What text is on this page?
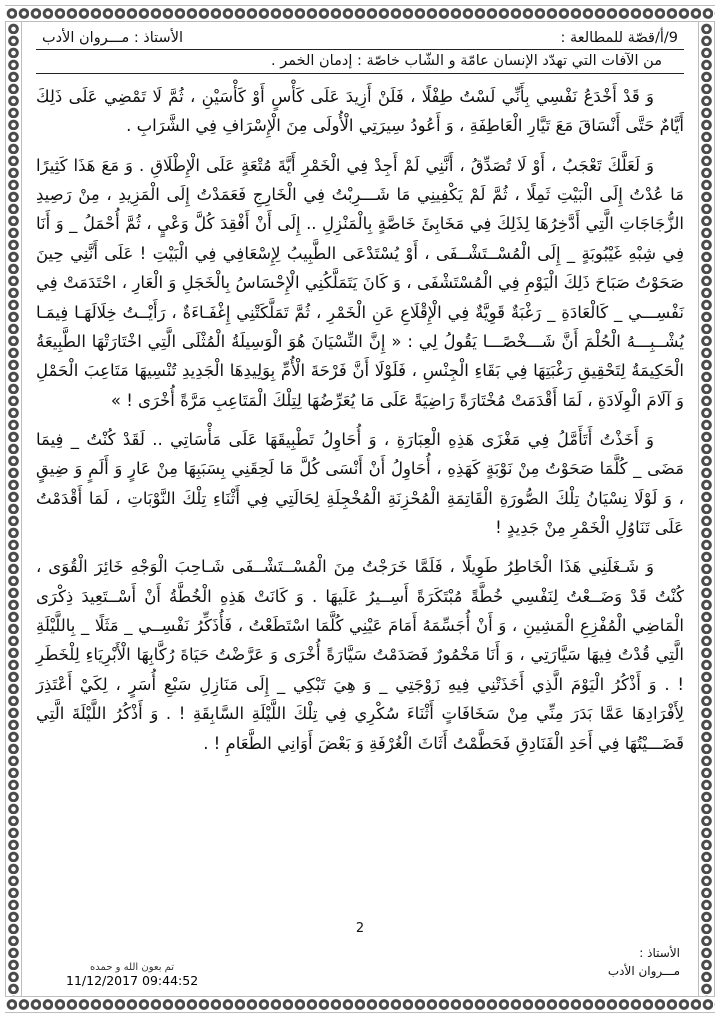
9/أ/قصّة للمطالعة :
الأستاذ : مـــروان الأدب
من الآفات التي تهدّد الإنسان عامّة و الشّاب خاصّة : إدمان الخمر .

وَ قَدْ أَخْدَعُ نَفْسِي بِأَنِّي لَسْتُ طِفْلًا ، فَلَنْ أَزِيدَ عَلَى كَأْسٍ أَوْ كَأْسَيْنِ ، ثُمَّ لَا تَمْضِي عَلَى ذَلِكَ أَيَّامٌ حَتَّى أَنْسَاقَ مَعَ تَيَّارِ الْعَاطِفَةِ ، وَ أَعُودُ سِيرَتِي الْأُولَى مِنَ الْإِسْرَافِ فِي الشَّرَابِ .

وَ لَعَلَّكَ تَعْجَبُ ، أَوْ لَا تُصَدِّقُ ، أَنَّنِي لَمْ أَجِدْ فِي الْخَمْرِ أَيَّةَ مُتْعَةٍ عَلَى الْإِطْلَاقِ . وَ مَعَ هَذَا كَثِيرًا مَا عُدْتُ إِلَى الْبَيْتِ ثَمِلًا ، ثُمَّ لَمْ يَكْفِينِي مَا شَـــرِبْتُ فِي الْخَارِجِ فَعَمَدْتُ إِلَى الْمَزِيدِ ، مِنْ رَصِيدِ الزُّجَاجَاتِ الَّتِي أَدَّخِرُهَا لِذَلِكَ فِي مَخَابِئَ خَاصَّةٍ بِالْمَنْزِلِ .. إِلَى أَنْ أَفْقِدَ كُلَّ وَعْيٍ ، ثُمَّ أُحْمَلُ _ وَ أَنَا فِي شِبْهِ غَيْبُوبَةٍ _ إِلَى الْمُسْــتَشْــفَى ، أَوْ يُسْتَدْعَى الطَّبِيبُ لِإِسْعَافِي فِي الْبَيْتِ ! عَلَى أَنَّنِي حِينَ صَحَوْتُ صَبَاحَ ذَلِكَ الْيَوْمِ فِي الْمُسْتَشْفَى ، وَ كَانَ يَتَمَلَّكُنِي الْإِحْسَاسُ بِالْخَجَلِ وَ الْعَارِ ، احْتَدَمَتْ فِي نَفْسِـــي _ كَالْعَادَةِ _ رَغْبَةٌ قَوِيَّةٌ فِي الْإِقْلَاعِ عَنِ الْخَمْرِ ، ثُمَّ تَمَلَّكَتْنِي إِغْفَـاءَةٌ ، رَأَيْــتُ خِلَالَهَـا فِيمَـا يُشْــبِـــهُ الْحُلْمَ أَنَّ شَـــخْصًـــا يَقُولُ لِي : « إِنَّ النِّسْيَانَ هُوَ الْوَسِيلَةُ الْمُثْلَى الَّتِي اخْتَارَتْهَا الطَّبِيعَةُ الْحَكِيمَةُ لِتَحْقِيقِ رَغْبَتِهَا فِي بَقَاءِ الْجِنْسِ ، فَلَوْلَا أَنَّ فَرْحَةَ الْأُمِّ بِوَلِيدِهَا الْجَدِيدِ تُنْسِيهَا مَتَاعِبَ الْحَمْلِ وَ آلَامَ الْوِلَادَةِ ، لَمَا أَقْدَمَتْ مُخْتَارَةً رَاضِيَةً عَلَى مَا يُعَرِّضُهَا لِتِلْكَ الْمَتَاعِبِ مَرَّةً أُخْرَى ! »

وَ أَخَذْتُ أَتَأَمَّلُ فِي مَغْزَى هَذِهِ الْعِبَارَةِ ، وَ أُحَاوِلُ تَطْبِيقَهَا عَلَى مَأْسَاتِي .. لَقَدْ كُنْتُ _ فِيمَا مَضَى _ كُلَّمَا صَحَوْتُ مِنْ نَوْبَةٍ كَهَذِهِ ، أُحَاوِلُ أَنْ أَنْسَى كُلَّ مَا لَحِقَنِي بِسَبَبِهَا مِنْ عَارٍ وَ أَلَمٍ وَ ضِيقٍ ، وَ لَوْلَا نِسْيَانُ تِلْكَ الصُّورَةِ الْقَاتِمَةِ الْمُحْزِنَةِ الْمُخْجِلَةِ لِحَالَتِي فِي أَثْنَاءِ تِلْكَ النَّوْبَاتِ ، لَمَا أَقْدَمْتُ عَلَى تَنَاوُلِ الْخَمْرِ مِنْ جَدِيدٍ !

وَ شَـغَلَنِي هَذَا الْخَاطِرُ طَوِيلًا ، فَلَمَّا خَرَجْتُ مِنَ الْمُسْــتَشْــفَى شَـاحِبَ الْوَجْهِ خَائِرَ الْقُوَى ، كُنْتُ قَدْ وَضَــعْتُ لِنَفْسِي خُطَّةً مُبْتَكَرَةً أَسِــيرُ عَلَيهَا . وَ كَانَتْ هَذِهِ الْخُطَّةُ أَنْ أَسْــتَعِيدَ ذِكْرَى الْمَاضِي الْمُفْزِعِ الْمَشِينِ ، وَ أَنْ أُجَسِّمَهُ أَمَامَ عَيْنِي كُلَّمَا اسْتَطَعْتُ ، فَأُذَكِّرُ نَفْسِــي _ مَثَلًا _ بِاللَّيْلَةِ الَّتِي قُدْتُ فِيهَا سَيَّارَتِي ، وَ أَنَا مَخْمُورٌ فَصَدَمْتُ سَيَّارَةً أُخْرَى وَ عَرَّضْتُ حَيَاةَ رُكَّابِهَا الْأَبْرِيَاءِ لِلْخَطَرِ ! . وَ أَذْكُرُ الْيَوْمَ الَّذِي أَخَذَتْنِي فِيهِ زَوْجَتِي _ وَ هِيَ تَبْكِي _ إِلَى مَنَازِلِ سَبْعِ أُسَرٍ ، لِكَيْ أَعْتَذِرَ لِأَفْرَادِهَا عَمَّا بَدَرَ مِنِّي مِنْ سَخَافَاتٍ أَثْنَاءَ سُكْرِي فِي تِلْكَ اللَّيْلَةِ السَّابِقَةِ ! . وَ أَذْكُرُ اللَّيْلَةَ الَّتِي قَضَـــيْتُهَا فِي أَحَدِ الْفَنَادِقِ فَحَطَّمْتُ أَثَاثَ الْغُرْفَةِ وَ بَعْضَ أَوَانِي الطَّعَامِ ! .

2
تم بعون الله و حمده
11/12/2017 09:44:52
الأستاذ :
مـــروان الأدب
